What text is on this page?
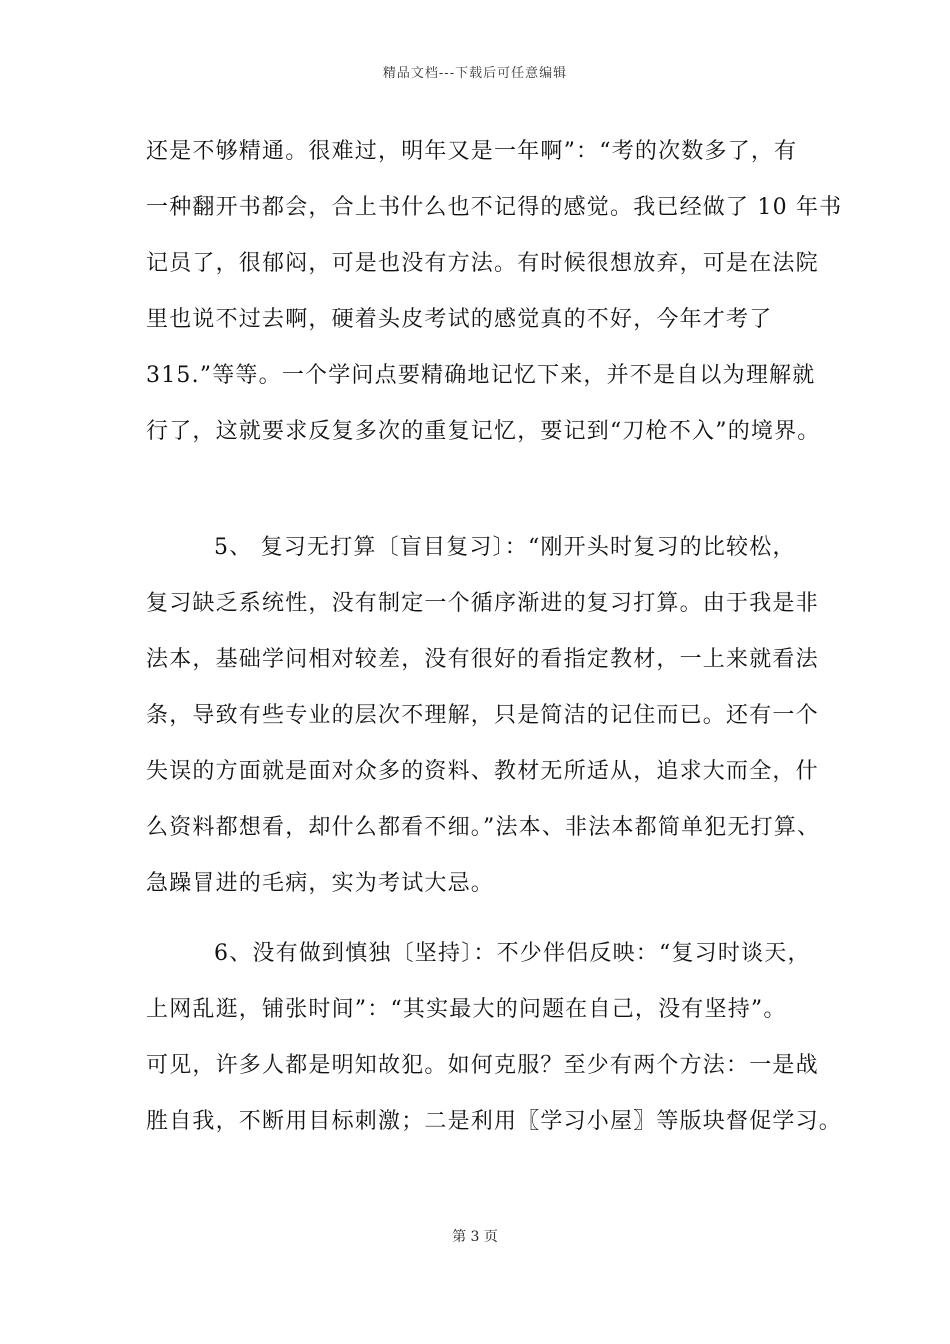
精品文档---下载后可任意编辑
还是不够精通。很难过，明年又是一年啊”：“考的次数多了，有
一种翻开书都会，合上书什么也不记得的感觉。我已经做了 10 年书
记员了，很郁闷，可是也没有方法。有时候很想放弃，可是在法院
里也说不过去啊，硬着头皮考试的感觉真的不好，今年才考了
315.”等等。一个学问点要精确地记忆下来，并不是自以为理解就
行了，这就要求反复多次的重复记忆，要记到“刀枪不入”的境界。
5、 复习无打算〔盲目复习〕：“刚开头时复习的比较松，
复习缺乏系统性，没有制定一个循序渐进的复习打算。由于我是非
法本，基础学问相对较差，没有很好的看指定教材，一上来就看法
条，导致有些专业的层次不理解，只是简洁的记住而已。还有一个
失误的方面就是面对众多的资料、教材无所适从，追求大而全，什
么资料都想看，却什么都看不细。”法本、非法本都简单犯无打算、
急躁冒进的毛病，实为考试大忌。
6、没有做到慎独〔坚持〕：不少伴侣反映：“复习时谈天，
上网乱逛，铺张时间”：“其实最大的问题在自己，没有坚持”。
可见，许多人都是明知故犯。如何克服？至少有两个方法：一是战
胜自我，不断用目标刺激；二是利用〖学习小屋〗等版块督促学习。
第 3 页
